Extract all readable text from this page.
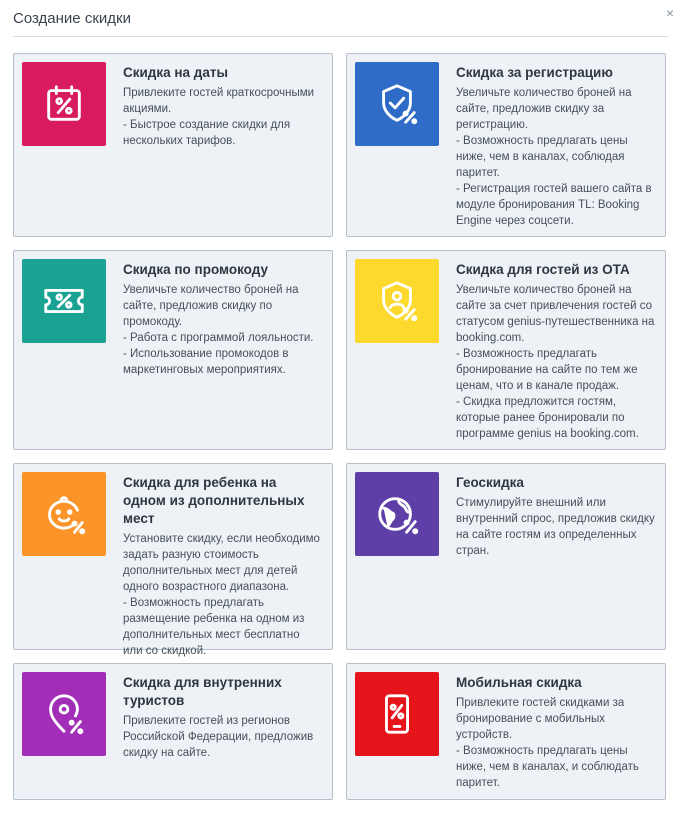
Создание скидки	×
Скидка на даты
Привлеките гостей краткосрочными акциями.
- Быстрое создание скидки для нескольких тарифов.
Скидка за регистрацию
Увеличьте количество броней на сайте, предложив скидку за регистрацию.
- Возможность предлагать цены ниже, чем в каналах, соблюдая паритет.
- Регистрация гостей вашего сайта в модуле бронирования TL: Booking Engine через соцсети.
Скидка по промокоду
Увеличьте количество броней на сайте, предложив скидку по промокоду.
- Работа с программой лояльности.
- Использование промокодов в маркетинговых мероприятиях.
Скидка для гостей из ОТА
Увеличьте количество броней на сайте за счет привлечения гостей со статусом genius-путешественника на booking.com.
- Возможность предлагать бронирование на сайте по тем же ценам, что и в канале продаж.
- Скидка предложится гостям, которые ранее бронировали по программе genius на booking.com.
Скидка для ребенка на одном из дополнительных мест
Установите скидку, если необходимо задать разную стоимость дополнительных мест для детей одного возрастного диапазона.
- Возможность предлагать размещение ребенка на одном из дополнительных мест бесплатно или со скидкой.
Геоскидка
Стимулируйте внешний или внутренний спрос, предложив скидку на сайте гостям из определенных стран.
Скидка для внутренних туристов
Привлеките гостей из регионов Российской Федерации, предложив скидку на сайте.
Мобильная скидка
Привлеките гостей скидками за бронирование с мобильных устройств.
- Возможность предлагать цены ниже, чем в каналах, и соблюдать паритет.
